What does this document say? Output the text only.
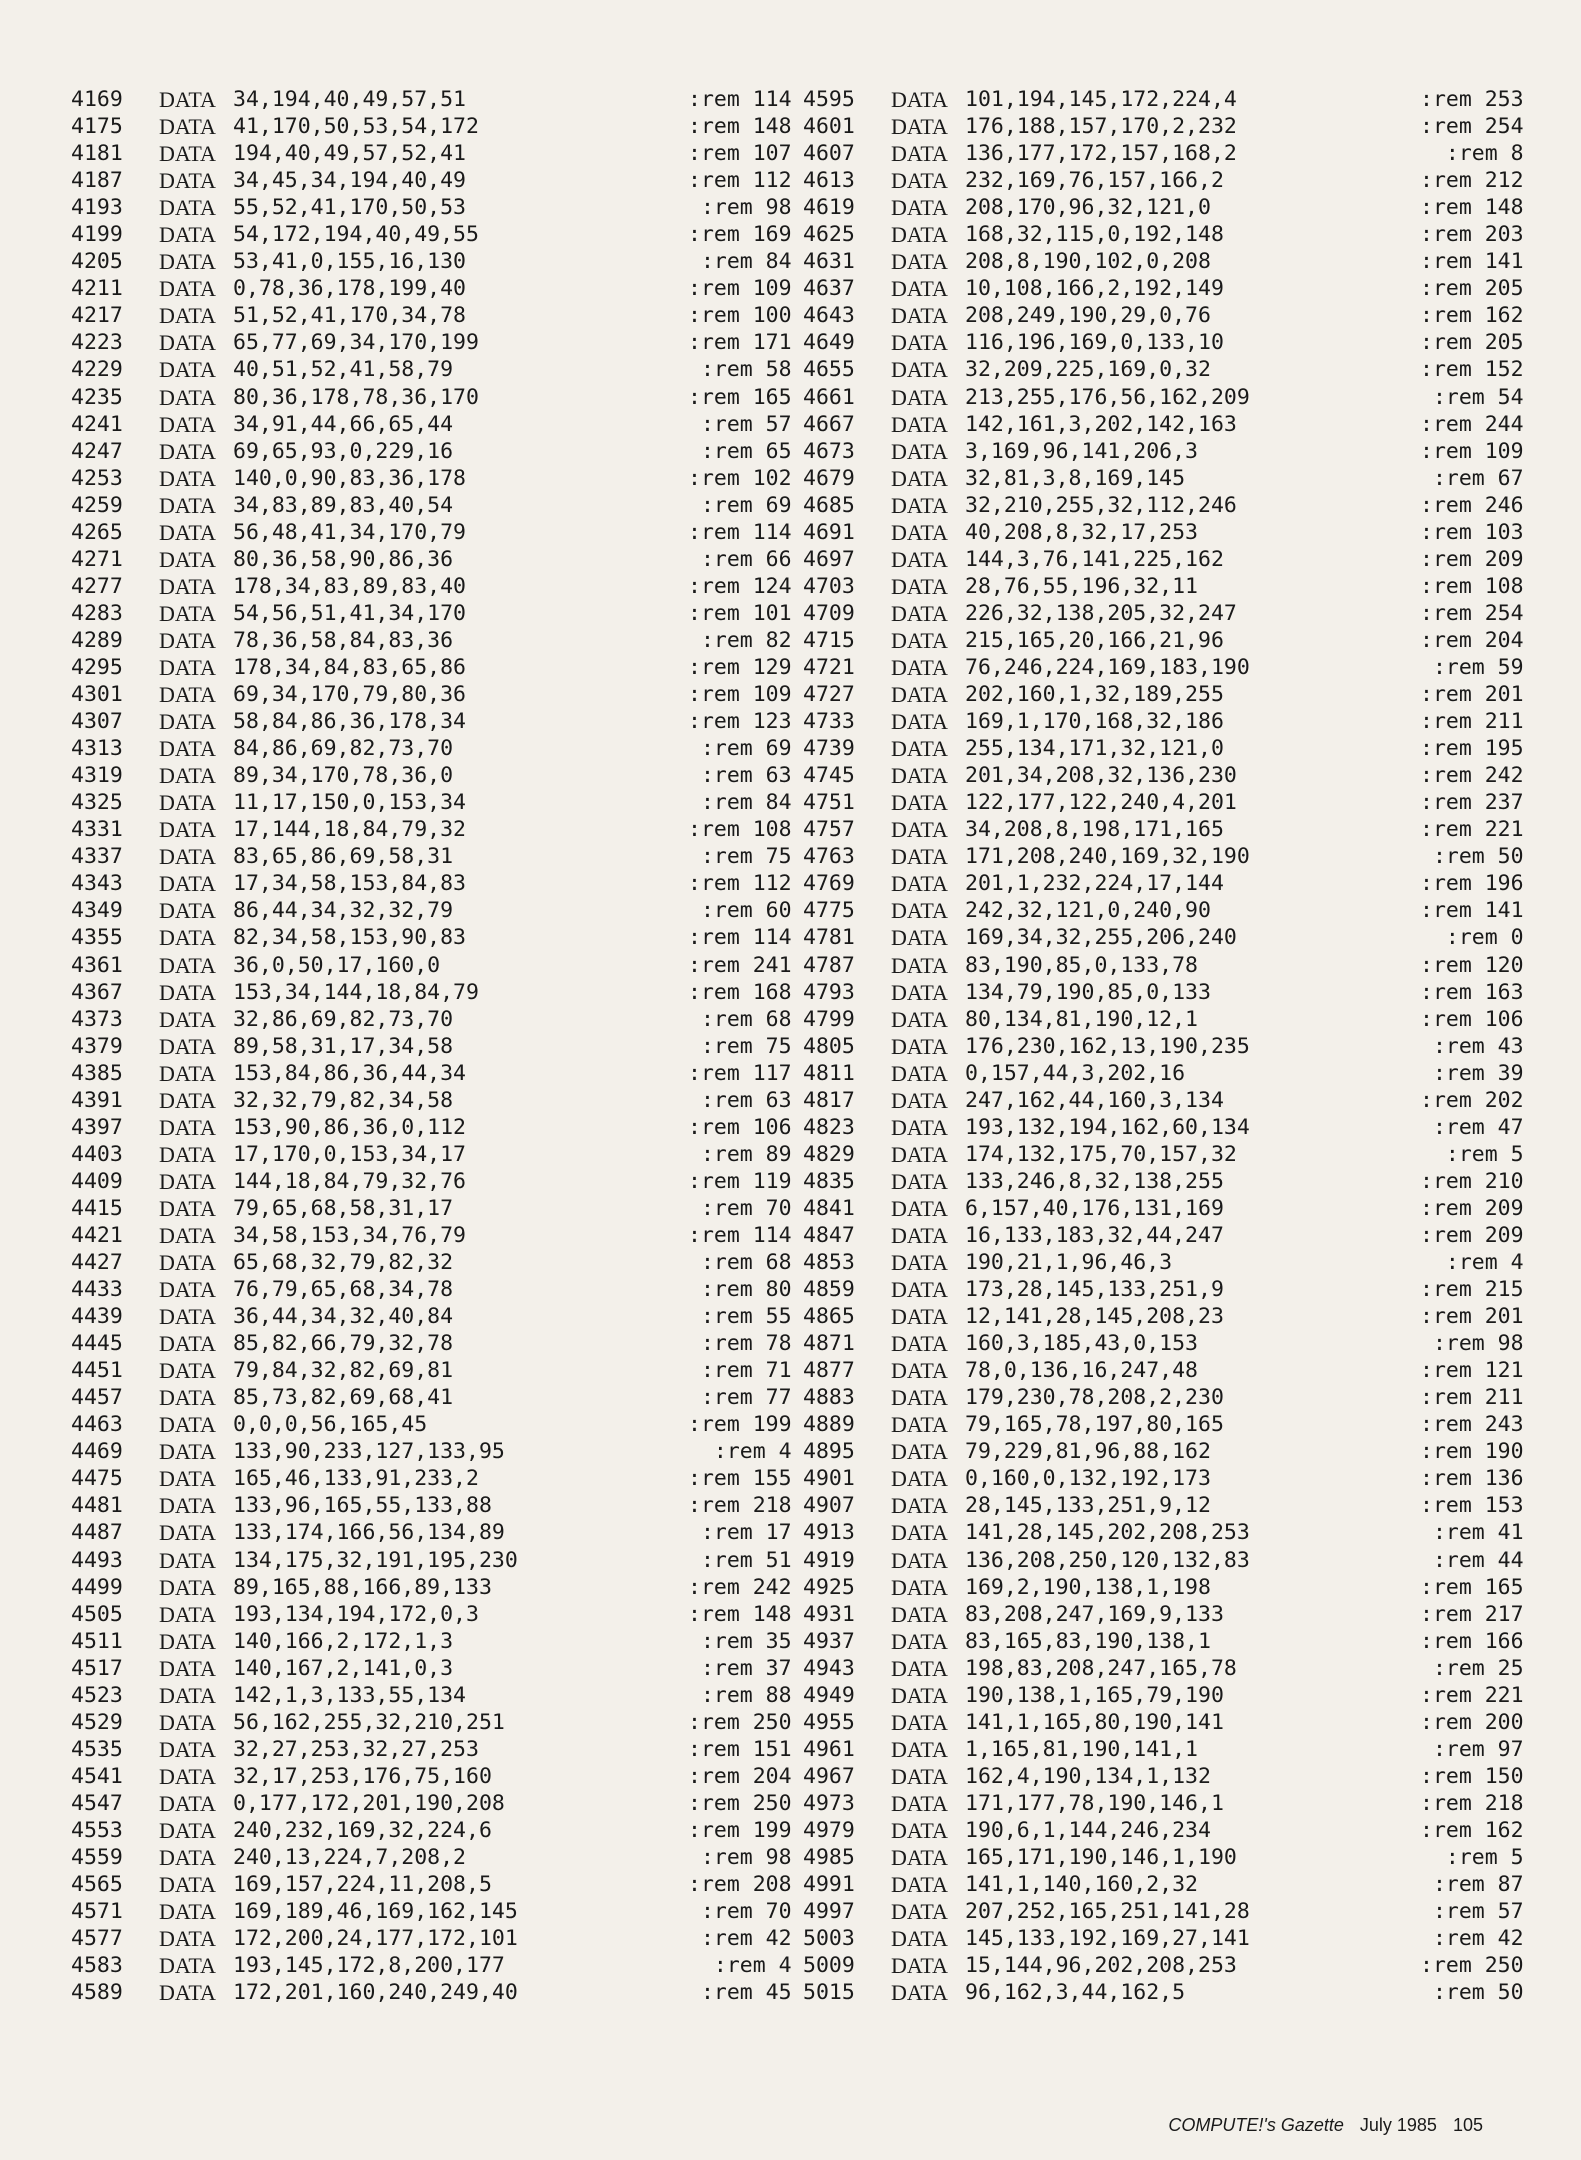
4169	DATA 34,194,40,49,57,51	:rem 114
4175	DATA 41,170,50,53,54,172	:rem 148
4181	DATA 194,40,49,57,52,41	:rem 107
4187	DATA 34,45,34,194,40,49	:rem 112
4193	DATA 55,52,41,170,50,53	:rem 98
4199	DATA 54,172,194,40,49,55	:rem 169
4205	DATA 53,41,0,155,16,130	:rem 84
4211	DATA 0,78,36,178,199,40	:rem 109
4217	DATA 51,52,41,170,34,78	:rem 100
4223	DATA 65,77,69,34,170,199	:rem 171
4229	DATA 40,51,52,41,58,79	:rem 58
4235	DATA 80,36,178,78,36,170	:rem 165
4241	DATA 34,91,44,66,65,44	:rem 57
4247	DATA 69,65,93,0,229,16	:rem 65
4253	DATA 140,0,90,83,36,178	:rem 102
4259	DATA 34,83,89,83,40,54	:rem 69
4265	DATA 56,48,41,34,170,79	:rem 114
4271	DATA 80,36,58,90,86,36	:rem 66
4277	DATA 178,34,83,89,83,40	:rem 124
4283	DATA 54,56,51,41,34,170	:rem 101
4289	DATA 78,36,58,84,83,36	:rem 82
4295	DATA 178,34,84,83,65,86	:rem 129
4301	DATA 69,34,170,79,80,36	:rem 109
4307	DATA 58,84,86,36,178,34	:rem 123
4313	DATA 84,86,69,82,73,70	:rem 69
4319	DATA 89,34,170,78,36,0	:rem 63
4325	DATA 11,17,150,0,153,34	:rem 84
4331	DATA 17,144,18,84,79,32	:rem 108
4337	DATA 83,65,86,69,58,31	:rem 75
4343	DATA 17,34,58,153,84,83	:rem 112
4349	DATA 86,44,34,32,32,79	:rem 60
4355	DATA 82,34,58,153,90,83	:rem 114
4361	DATA 36,0,50,17,160,0	:rem 241
4367	DATA 153,34,144,18,84,79	:rem 168
4373	DATA 32,86,69,82,73,70	:rem 68
4379	DATA 89,58,31,17,34,58	:rem 75
4385	DATA 153,84,86,36,44,34	:rem 117
4391	DATA 32,32,79,82,34,58	:rem 63
4397	DATA 153,90,86,36,0,112	:rem 106
4403	DATA 17,170,0,153,34,17	:rem 89
4409	DATA 144,18,84,79,32,76	:rem 119
4415	DATA 79,65,68,58,31,17	:rem 70
4421	DATA 34,58,153,34,76,79	:rem 114
4427	DATA 65,68,32,79,82,32	:rem 68
4433	DATA 76,79,65,68,34,78	:rem 80
4439	DATA 36,44,34,32,40,84	:rem 55
4445	DATA 85,82,66,79,32,78	:rem 78
4451	DATA 79,84,32,82,69,81	:rem 71
4457	DATA 85,73,82,69,68,41	:rem 77
4463	DATA 0,0,0,56,165,45	:rem 199
4469	DATA 133,90,233,127,133,95	:rem 4
4475	DATA 165,46,133,91,233,2	:rem 155
4481	DATA 133,96,165,55,133,88	:rem 218
4487	DATA 133,174,166,56,134,89	:rem 17
4493	DATA 134,175,32,191,195,230	:rem 51
4499	DATA 89,165,88,166,89,133	:rem 242
4505	DATA 193,134,194,172,0,3	:rem 148
4511	DATA 140,166,2,172,1,3	:rem 35
4517	DATA 140,167,2,141,0,3	:rem 37
4523	DATA 142,1,3,133,55,134	:rem 88
4529	DATA 56,162,255,32,210,251	:rem 250
4535	DATA 32,27,253,32,27,253	:rem 151
4541	DATA 32,17,253,176,75,160	:rem 204
4547	DATA 0,177,172,201,190,208	:rem 250
4553	DATA 240,232,169,32,224,6	:rem 199
4559	DATA 240,13,224,7,208,2	:rem 98
4565	DATA 169,157,224,11,208,5	:rem 208
4571	DATA 169,189,46,169,162,145	:rem 70
4577	DATA 172,200,24,177,172,101	:rem 42
4583	DATA 193,145,172,8,200,177	:rem 4
4589	DATA 172,201,160,240,249,40	:rem 45
4595	DATA 101,194,145,172,224,4	:rem 253
4601	DATA 176,188,157,170,2,232	:rem 254
4607	DATA 136,177,172,157,168,2	:rem 8
4613	DATA 232,169,76,157,166,2	:rem 212
4619	DATA 208,170,96,32,121,0	:rem 148
4625	DATA 168,32,115,0,192,148	:rem 203
4631	DATA 208,8,190,102,0,208	:rem 141
4637	DATA 10,108,166,2,192,149	:rem 205
4643	DATA 208,249,190,29,0,76	:rem 162
4649	DATA 116,196,169,0,133,10	:rem 205
4655	DATA 32,209,225,169,0,32	:rem 152
4661	DATA 213,255,176,56,162,209	:rem 54
4667	DATA 142,161,3,202,142,163	:rem 244
4673	DATA 3,169,96,141,206,3	:rem 109
4679	DATA 32,81,3,8,169,145	:rem 67
4685	DATA 32,210,255,32,112,246	:rem 246
4691	DATA 40,208,8,32,17,253	:rem 103
4697	DATA 144,3,76,141,225,162	:rem 209
4703	DATA 28,76,55,196,32,11	:rem 108
4709	DATA 226,32,138,205,32,247	:rem 254
4715	DATA 215,165,20,166,21,96	:rem 204
4721	DATA 76,246,224,169,183,190	:rem 59
4727	DATA 202,160,1,32,189,255	:rem 201
4733	DATA 169,1,170,168,32,186	:rem 211
4739	DATA 255,134,171,32,121,0	:rem 195
4745	DATA 201,34,208,32,136,230	:rem 242
4751	DATA 122,177,122,240,4,201	:rem 237
4757	DATA 34,208,8,198,171,165	:rem 221
4763	DATA 171,208,240,169,32,190	:rem 50
4769	DATA 201,1,232,224,17,144	:rem 196
4775	DATA 242,32,121,0,240,90	:rem 141
4781	DATA 169,34,32,255,206,240	:rem 0
4787	DATA 83,190,85,0,133,78	:rem 120
4793	DATA 134,79,190,85,0,133	:rem 163
4799	DATA 80,134,81,190,12,1	:rem 106
4805	DATA 176,230,162,13,190,235	:rem 43
4811	DATA 0,157,44,3,202,16	:rem 39
4817	DATA 247,162,44,160,3,134	:rem 202
4823	DATA 193,132,194,162,60,134	:rem 47
4829	DATA 174,132,175,70,157,32	:rem 5
4835	DATA 133,246,8,32,138,255	:rem 210
4841	DATA 6,157,40,176,131,169	:rem 209
4847	DATA 16,133,183,32,44,247	:rem 209
4853	DATA 190,21,1,96,46,3	:rem 4
4859	DATA 173,28,145,133,251,9	:rem 215
4865	DATA 12,141,28,145,208,23	:rem 201
4871	DATA 160,3,185,43,0,153	:rem 98
4877	DATA 78,0,136,16,247,48	:rem 121
4883	DATA 179,230,78,208,2,230	:rem 211
4889	DATA 79,165,78,197,80,165	:rem 243
4895	DATA 79,229,81,96,88,162	:rem 190
4901	DATA 0,160,0,132,192,173	:rem 136
4907	DATA 28,145,133,251,9,12	:rem 153
4913	DATA 141,28,145,202,208,253	:rem 41
4919	DATA 136,208,250,120,132,83	:rem 44
4925	DATA 169,2,190,138,1,198	:rem 165
4931	DATA 83,208,247,169,9,133	:rem 217
4937	DATA 83,165,83,190,138,1	:rem 166
4943	DATA 198,83,208,247,165,78	:rem 25
4949	DATA 190,138,1,165,79,190	:rem 221
4955	DATA 141,1,165,80,190,141	:rem 200
4961	DATA 1,165,81,190,141,1	:rem 97
4967	DATA 162,4,190,134,1,132	:rem 150
4973	DATA 171,177,78,190,146,1	:rem 218
4979	DATA 190,6,1,144,246,234	:rem 162
4985	DATA 165,171,190,146,1,190	:rem 5
4991	DATA 141,1,140,160,2,32	:rem 87
4997	DATA 207,252,165,251,141,28	:rem 57
5003	DATA 145,133,192,169,27,141	:rem 42
5009	DATA 15,144,96,202,208,253	:rem 250
5015	DATA 96,162,3,44,162,5	:rem 50
COMPUTE!'s Gazette July 1985 105
